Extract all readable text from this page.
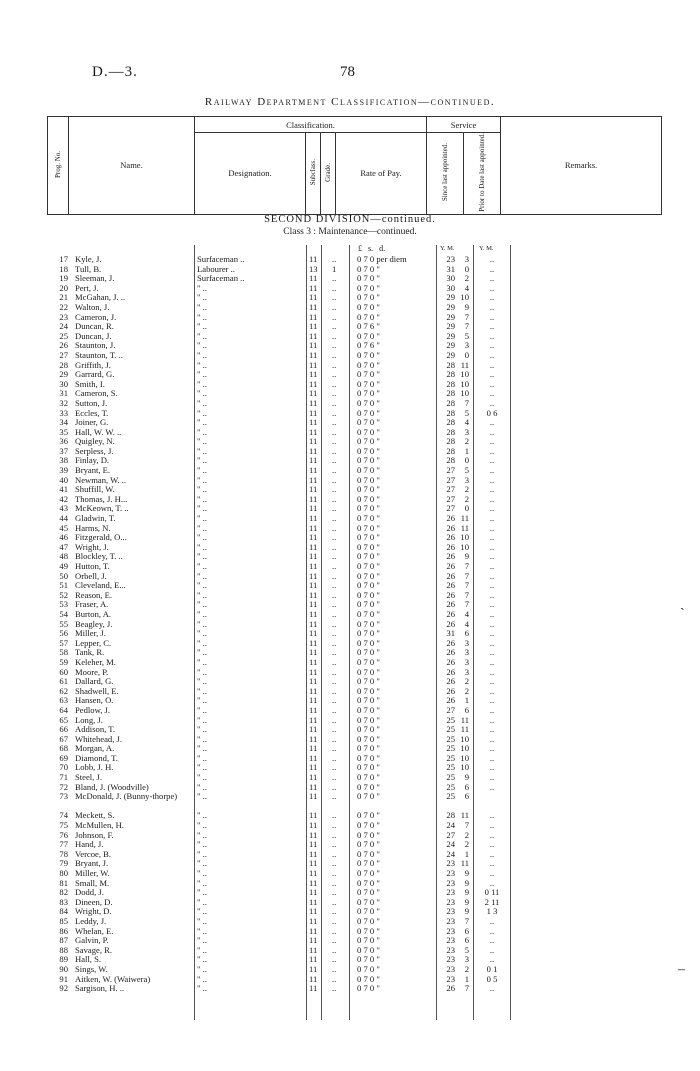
D.—3.	78
Railway Department Classification—continued.
Prog. No.	Name.	Classification.				Service		Remarks.
		Designation.	Subclass.	Grade.	Rate of Pay.	Since last appointed.	Prior to Date last appointed.	
SECOND DIVISION—continued.
Class 3 : Maintenance—continued.
£ s. d.	Y. M.	Y. M.
17 Kyle, J.	Surfaceman ..	11	..	0 7 0 per diem	23	3	..
18 Tull, B.	Labourer ..	13	1	0 7 0 "	31	0	..
19 Sleeman, J.	Surfaceman ..	11	..	0 7 0 "	30	2	..
20 Pert, J.	" ..	11	..	0 7 0 "	30	4	..
21 McGahan, J. ..	" ..	11	..	0 7 0 "	29 10	..
22 Walton, J.	" ..	11	..	0 7 0 "	29	9	..
23 Cameron, J.	" ..	11	..	0 7 0 "	29	7	..
24 Duncan, R.	" ..	11	..	0 7 6 "	29	7	..
25 Duncan, J.	" ..	11	..	0 7 0 "	29	5	..
26 Staunton, J.	" ..	11	..	0 7 6 "	29	3	..
27 Staunton, T. ..	" ..	11	..	0 7 0 "	29	0	..
28 Griffith, J.	" ..	11	..	0 7 0 "	28 11	..
29 Garrard, G.	" ..	11	..	0 7 0 "	28 10	..
30 Smith, I.	" ..	11	..	0 7 0 "	28 10	..
31 Cameron, S.	" ..	11	..	0 7 0 "	28 10	..
32 Sutton, J.	" ..	11	..	0 7 0 "	28	7	..
33 Eccles, T.	" ..	11	..	0 7 0 "	28	5	0 6
34 Joiner, G.	" ..	11	..	0 7 0 "	28	4	..
35 Hall, W. W. ..	" ..	11	..	0 7 0 "	28	3	..
36 Quigley, N.	" ..	11	..	0 7 0 "	28	2	..
37 Serpless, J.	" ..	11	..	0 7 0 "	28	1	..
38 Finlay, D.	" ..	11	..	0 7 0 "	28	0	..
39 Bryant, E.	" ..	11	..	0 7 0 "	27	5	..
40 Newman, W. ..	" ..	11	..	0 7 0 "	27	3	..
41 Shuffill, W.	" ..	11	..	0 7 0 "	27	2	..
42 Thomas, J. H...	" ..	11	..	0 7 0 "	27	2	..
43 McKeown, T. ..	" ..	11	..	0 7 0 "	27	0	..
44 Gladwin, T.	" ..	11	..	0 7 0 "	26 11	..
45 Harms, N.	" ..	11	..	0 7 0 "	26 11	..
46 Fitzgerald, O...	" ..	11	..	0 7 0 "	26 10	..
47 Wright, J.	" ..	11	..	0 7 0 "	26 10	..
48 Blockley, T. ..	" ..	11	..	0 7 0 "	26	9	..
49 Hutton, T.	" ..	11	..	0 7 0 "	26	7	..
50 Orbell, J.	" ..	11	..	0 7 0 "	26	7	..
51 Cleveland, E...	" ..	11	..	0 7 0 "	26	7	..
52 Reason, E.	" ..	11	..	0 7 0 "	26	7	..
53 Fraser, A.	" ..	11	..	0 7 0 "	26	7	..
54 Burton, A.	" ..	11	..	0 7 0 "	26	4	..
55 Beagley, J.	" ..	11	..	0 7 0 "	26	4	..
56 Miller, J.	" ..	11	..	0 7 0 "	31	6	..
57 Lepper, C.	" ..	11	..	0 7 0 "	26	3	..
58 Tank, R.	" ..	11	..	0 7 0 "	26	3	..
59 Keleher, M.	" ..	11	..	0 7 0 "	26	3	..
60 Moore, P.	" ..	11	..	0 7 0 "	26	3	..
61 Dallard, G.	" ..	11	..	0 7 0 "	26	2	..
62 Shadwell, E.	" ..	11	..	0 7 0 "	26	2	..
63 Hansen, O.	" ..	11	..	0 7 0 "	26	1	..
64 Pedlow, J.	" ..	11	..	0 7 0 "	27	6	..
65 Long, J.	" ..	11	..	0 7 0 "	25 11	..
66 Addison, T.	" ..	11	..	0 7 0 "	25 11	..
67 Whitehead, J.	" ..	11	..	0 7 0 "	25 10	..
68 Morgan, A.	" ..	11	..	0 7 0 "	25 10	..
69 Diamond, T.	" ..	11	..	0 7 0 "	25 10	..
70 Lobb, J. H.	" ..	11	..	0 7 0 "	25 10	..
71 Steel, J.	" ..	11	..	0 7 0 "	25	9	..
72 Bland, J. (Woodville)	" ..	11	..	0 7 0 "	25	6	..
73 McDonald, J. (Bunny-thorpe)	" ..	11	..	0 7 0 "	25	6
74 Meckett, S.	" ..	11	..	0 7 0 "	28 11	..
75 McMullen, H.	" ..	11	..	0 7 0 "	24	7	..
76 Johnson, F.	" ..	11	..	0 7 0 "	27	2	..
77 Hand, J.	" ..	11	..	0 7 0 "	24	2	..
78 Vercoe, B.	" ..	11	..	0 7 0 "	24	1	..
79 Bryant, J.	" ..	11	..	0 7 0 "	23 11	..
80 Miller, W.	" ..	11	..	0 7 0 "	23	9	..
81 Small, M.	" ..	11	..	0 7 0 "	23	9	..
82 Dodd, J.	" ..	11	..	0 7 0 "	23	9	0 11
83 Dineen, D.	" ..	11	..	0 7 0 "	23	9	2 11
84 Wright, D.	" ..	11	..	0 7 0 "	23	9	1 3
85 Leddy, J.	" ..	11	..	0 7 0 "	23	7	..
86 Whelan, E.	" ..	11	..	0 7 0 "	23	6	..
87 Galvin, P.	" ..	11	..	0 7 0 "	23	6	..
88 Savage, R.	" ..	11	..	0 7 0 "	23	5	..
89 Hall, S.	" ..	11	..	0 7 0 "	23	3	..
90 Sings, W.	" ..	11	..	0 7 0 "	23	2	0 1
91 Aitken, W. (Waiwera)	" ..	11	..	0 7 0 "	23	1	0 5
92 Sargison, H. ..	" ..	11	..	0 7 0 "	26	7	..
ˏ
‒
